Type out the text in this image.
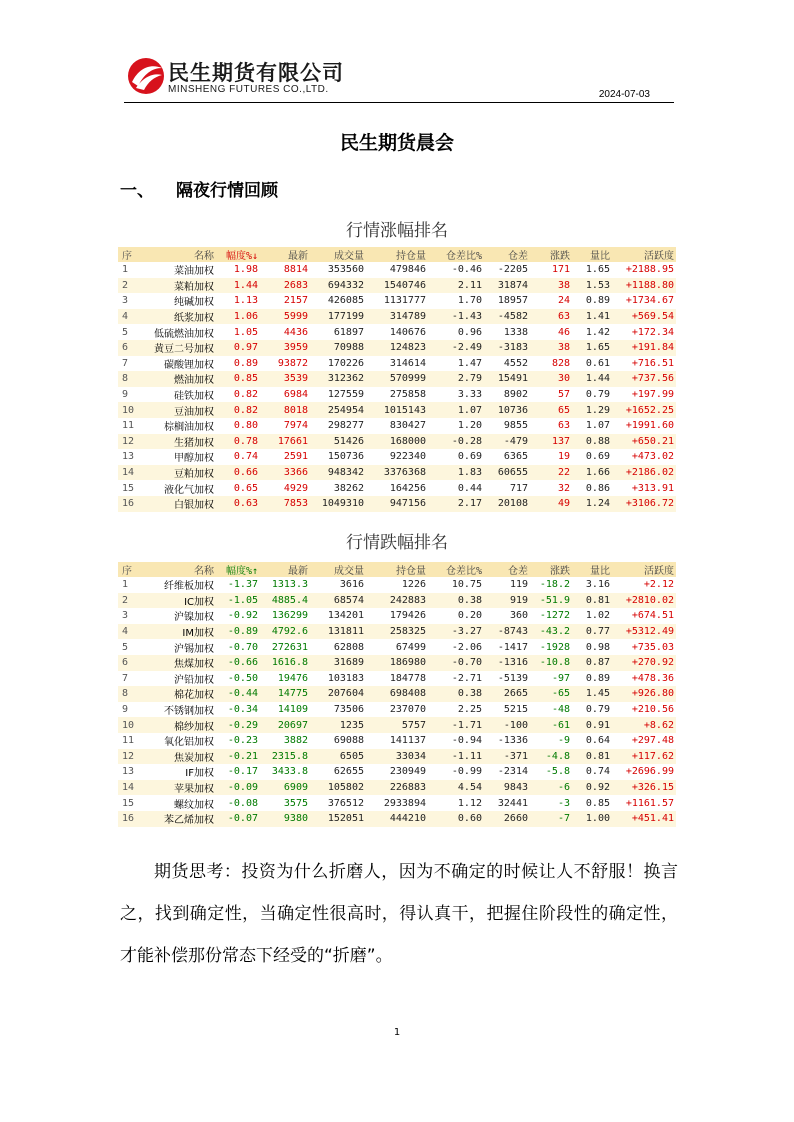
民生期货有限公司
MINSHENG FUTURES CO.,LTD.	2024-07-03
民生期货晨会
一、 隔夜行情回顾
行情涨幅排名
序	名称	幅度%↓	最新	成交量	持仓量	仓差比%	仓差	涨跌	量比	活跃度
1	菜油加权	1.98	8814	353560	479846	-0.46	-2205	171	1.65	+2188.95
2	菜粕加权	1.44	2683	694332	1540746	2.11	31874	38	1.53	+1188.80
3	纯碱加权	1.13	2157	426085	1131777	1.70	18957	24	0.89	+1734.67
4	纸浆加权	1.06	5999	177199	314789	-1.43	-4582	63	1.41	+569.54
5	低硫燃油加权	1.05	4436	61897	140676	0.96	1338	46	1.42	+172.34
6	黄豆二号加权	0.97	3959	70988	124823	-2.49	-3183	38	1.65	+191.84
7	碳酸锂加权	0.89	93872	170226	314614	1.47	4552	828	0.61	+716.51
8	燃油加权	0.85	3539	312362	570999	2.79	15491	30	1.44	+737.56
9	硅铁加权	0.82	6984	127559	275858	3.33	8902	57	0.79	+197.99
10	豆油加权	0.82	8018	254954	1015143	1.07	10736	65	1.29	+1652.25
11	棕榈油加权	0.80	7974	298277	830427	1.20	9855	63	1.07	+1991.60
12	生猪加权	0.78	17661	51426	168000	-0.28	-479	137	0.88	+650.21
13	甲醇加权	0.74	2591	150736	922340	0.69	6365	19	0.69	+473.02
14	豆粕加权	0.66	3366	948342	3376368	1.83	60655	22	1.66	+2186.02
15	液化气加权	0.65	4929	38262	164256	0.44	717	32	0.86	+313.91
16	白银加权	0.63	7853	1049310	947156	2.17	20108	49	1.24	+3106.72
行情跌幅排名
序	名称	幅度%↑	最新	成交量	持仓量	仓差比%	仓差	涨跌	量比	活跃度
1	纤维板加权	-1.37	1313.3	3616	1226	10.75	119	-18.2	3.16	+2.12
2	IC加权	-1.05	4885.4	68574	242883	0.38	919	-51.9	0.81	+2810.02
3	沪镍加权	-0.92	136299	134201	179426	0.20	360	-1272	1.02	+674.51
4	IM加权	-0.89	4792.6	131811	258325	-3.27	-8743	-43.2	0.77	+5312.49
5	沪锡加权	-0.70	272631	62808	67499	-2.06	-1417	-1928	0.98	+735.03
6	焦煤加权	-0.66	1616.8	31689	186980	-0.70	-1316	-10.8	0.87	+270.92
7	沪铅加权	-0.50	19476	103183	184778	-2.71	-5139	-97	0.89	+478.36
8	棉花加权	-0.44	14775	207604	698408	0.38	2665	-65	1.45	+926.80
9	不锈钢加权	-0.34	14109	73506	237070	2.25	5215	-48	0.79	+210.56
10	棉纱加权	-0.29	20697	1235	5757	-1.71	-100	-61	0.91	+8.62
11	氧化铝加权	-0.23	3882	69088	141137	-0.94	-1336	-9	0.64	+297.48
12	焦炭加权	-0.21	2315.8	6505	33034	-1.11	-371	-4.8	0.81	+117.62
13	IF加权	-0.17	3433.8	62655	230949	-0.99	-2314	-5.8	0.74	+2696.99
14	苹果加权	-0.09	6909	105802	226883	4.54	9843	-6	0.92	+326.15
15	螺纹加权	-0.08	3575	376512	2933894	1.12	32441	-3	0.85	+1161.57
16	苯乙烯加权	-0.07	9380	152051	444210	0.60	2660	-7	1.00	+451.41
期货思考：投资为什么折磨人，因为不确定的时候让人不舒服！换言之，找到确定性，当确定性很高时，得认真干，把握住阶段性的确定性，才能补偿那份常态下经受的“折磨”。
1
